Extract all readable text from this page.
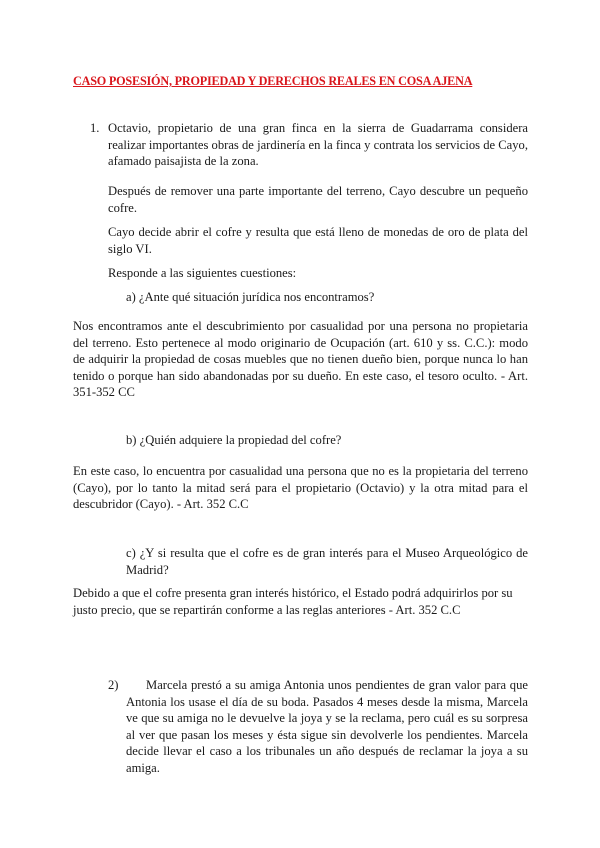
CASO POSESIÓN, PROPIEDAD Y DERECHOS REALES EN COSA AJENA

1. Octavio, propietario de una gran finca en la sierra de Guadarrama considera realizar importantes obras de jardinería en la finca y contrata los servicios de Cayo, afamado paisajista de la zona.

Después de remover una parte importante del terreno, Cayo descubre un pequeño cofre.

Cayo decide abrir el cofre y resulta que está lleno de monedas de oro de plata del siglo VI.

Responde a las siguientes cuestiones:

a) ¿Ante qué situación jurídica nos encontramos?

Nos encontramos ante el descubrimiento por casualidad por una persona no propietaria del terreno. Esto pertenece al modo originario de Ocupación (art. 610 y ss. C.C.): modo de adquirir la propiedad de cosas muebles que no tienen dueño bien, porque nunca lo han tenido o porque han sido abandonadas por su dueño. En este caso, el tesoro oculto. - Art. 351-352 CC

b) ¿Quién adquiere la propiedad del cofre?

En este caso, lo encuentra por casualidad una persona que no es la propietaria del terreno (Cayo), por lo tanto la mitad será para el propietario (Octavio) y la otra mitad para el descubridor (Cayo). - Art. 352 C.C

c) ¿Y si resulta que el cofre es de gran interés para el Museo Arqueológico de Madrid?

Debido a que el cofre presenta gran interés histórico, el Estado podrá adquirirlos por su justo precio, que se repartirán conforme a las reglas anteriores - Art. 352 C.C

2)	Marcela prestó a su amiga Antonia unos pendientes de gran valor para que Antonia los usase el día de su boda. Pasados 4 meses desde la misma, Marcela ve que su amiga no le devuelve la joya y se la reclama, pero cuál es su sorpresa al ver que pasan los meses y ésta sigue sin devolverle los pendientes. Marcela decide llevar el caso a los tribunales un año después de reclamar la joya a su amiga.
